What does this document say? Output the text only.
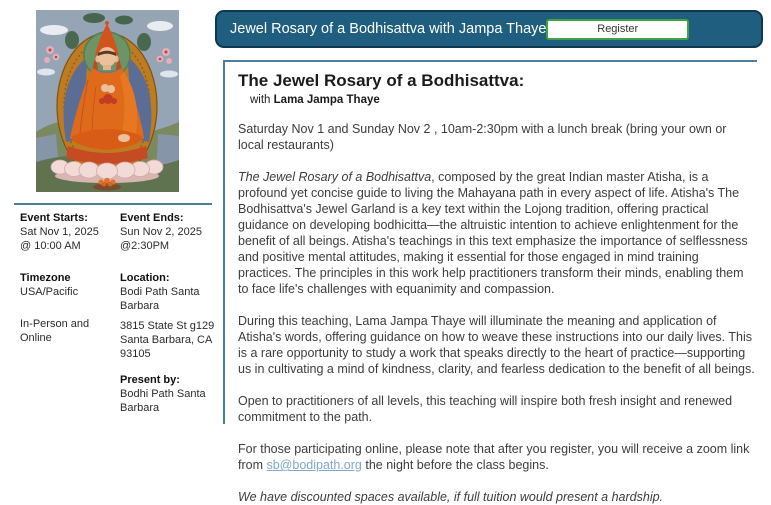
Event Starts:
Sat Nov 1, 2025
@ 10:00 AM
Timezone
USA/Pacific
In-Person and Online
Event Ends:
Sun Nov 2, 2025
@2:30PM
Location:
Bodi Path Santa Barbara
3815 State St g129
Santa Barbara, CA
93105
Present by:
Bodhi Path Santa Barbara
Jewel Rosary of a Bodhisattva with Jampa Thaye	Register
The Jewel Rosary of a Bodhisattva:
with Lama Jampa Thaye
Saturday Nov 1 and Sunday Nov 2 , 10am-2:30pm with a lunch break (bring your own or local restaurants)
The Jewel Rosary of a Bodhisattva, composed by the great Indian master Atisha, is a profound yet concise guide to living the Mahayana path in every aspect of life. Atisha's The Bodhisattva's Jewel Garland is a key text within the Lojong tradition, offering practical guidance on developing bodhicitta—the altruistic intention to achieve enlightenment for the benefit of all beings. Atisha's teachings in this text emphasize the importance of selflessness and positive mental attitudes, making it essential for those engaged in mind training practices. The principles in this work help practitioners transform their minds, enabling them to face life's challenges with equanimity and compassion.
During this teaching, Lama Jampa Thaye will illuminate the meaning and application of Atisha's words, offering guidance on how to weave these instructions into our daily lives. This is a rare opportunity to study a work that speaks directly to the heart of practice—supporting us in cultivating a mind of kindness, clarity, and fearless dedication to the benefit of all beings.
Open to practitioners of all levels, this teaching will inspire both fresh insight and renewed commitment to the path.
For those participating online, please note that after you register, you will receive a zoom link from sb@bodipath.org the night before the class begins.
We have discounted spaces available, if full tuition would present a hardship.
